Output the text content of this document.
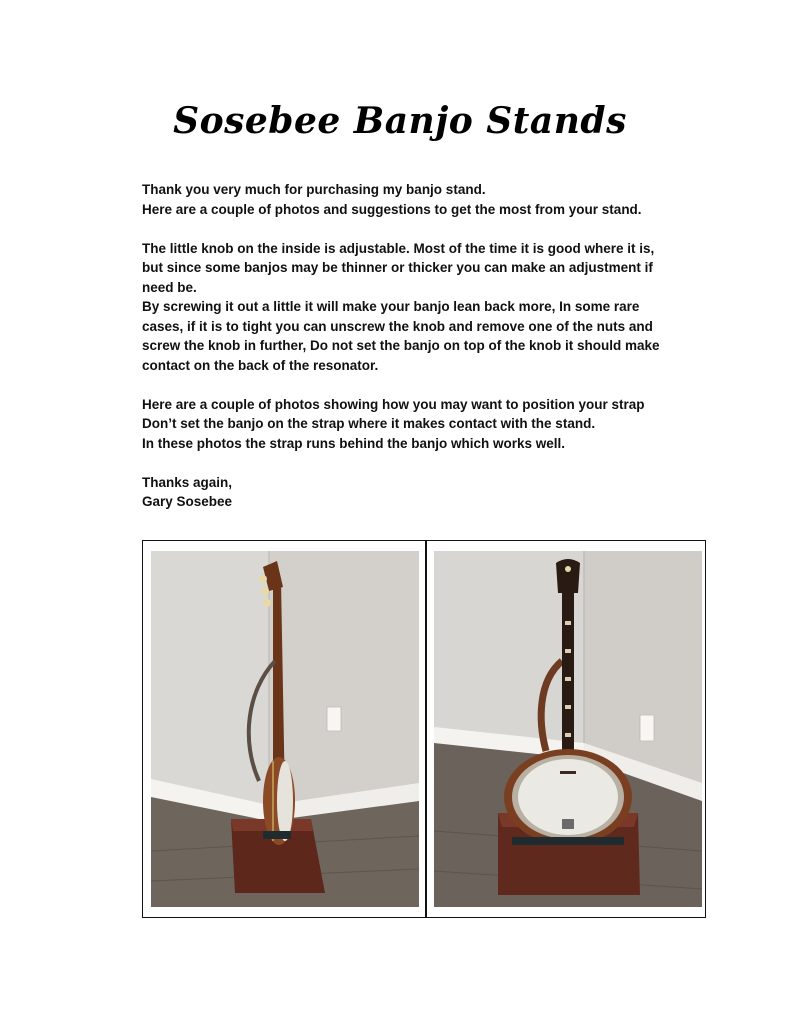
Sosebee Banjo Stands

Thank you very much for purchasing my banjo stand.
Here are a couple of photos and suggestions to get the most from your stand.

The little knob on the inside is adjustable. Most of the time it is good where it is,
but since some banjos may be thinner or thicker you can make an adjustment if
need be.
By screwing it out a little it will make your banjo lean back more, In some rare
cases, if it is to tight you can unscrew the knob and remove one of the nuts and
screw the knob in further, Do not set the banjo on top of the knob it should make
contact on the back of the resonator.

Here are a couple of photos showing how you may want to position your strap
Don’t set the banjo on the strap where it makes contact with the stand.
In these photos the strap runs behind the banjo which works well.

Thanks again,
Gary Sosebee
